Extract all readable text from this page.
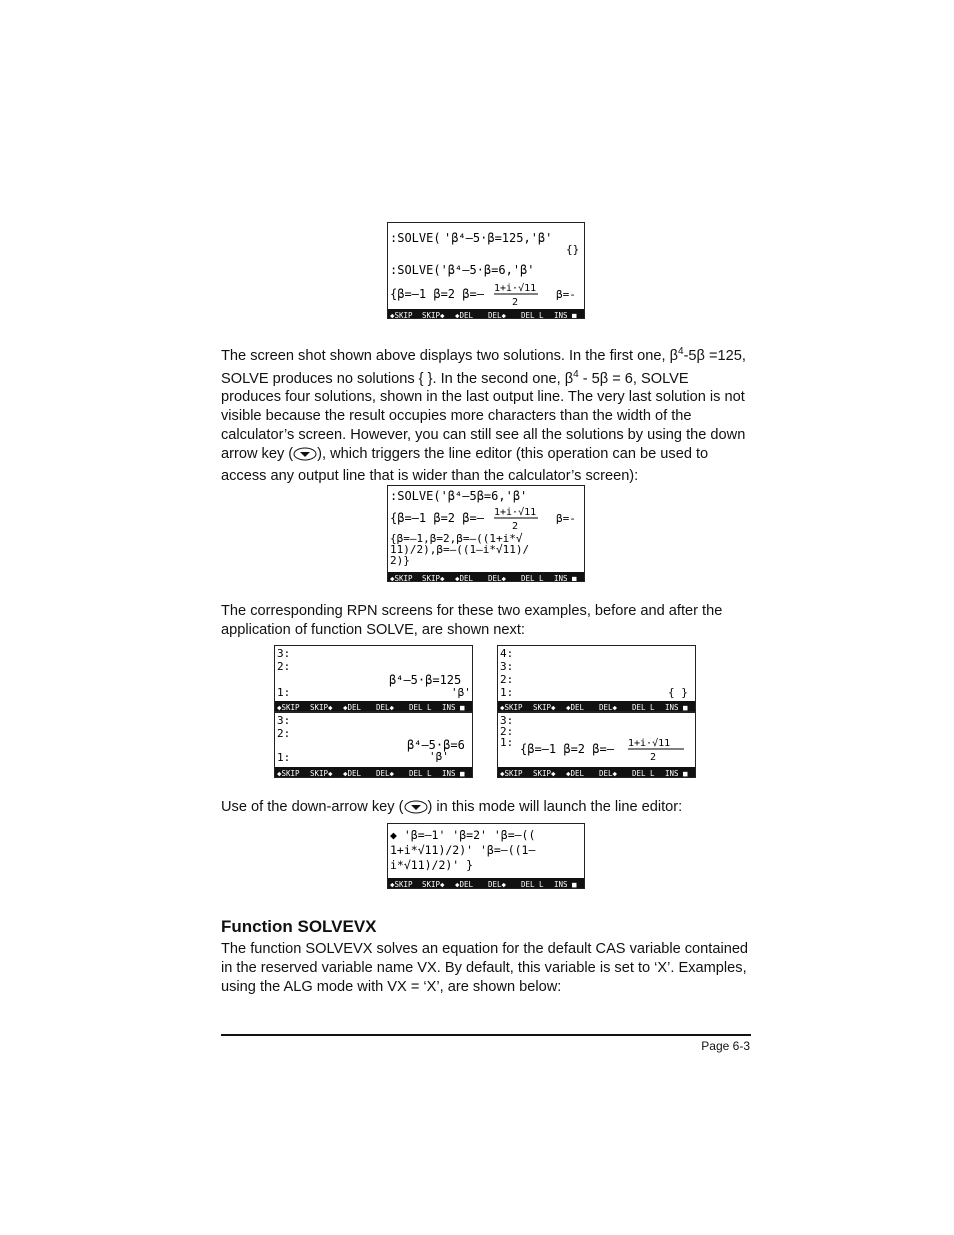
:SOLVE( 'β⁴–5·β=125,'β'
{}
:SOLVE('β⁴–5·β=6,'β'
{β=–1 β=2 β=– 1+i·√11
2
β=-
◆SKIP SKIP◆ ◆DEL DEL◆ DEL L INS ■

The screen shot shown above displays two solutions. In the first one, $\beta^4-5\beta =125$, SOLVE produces no solutions { }. In the second one, $\beta^4 - 5\beta = 6$, SOLVE produces four solutions, shown in the last output line. The very last solution is not visible because the result occupies more characters than the width of the calculator’s screen. However, you can still see all the solutions by using the down arrow key ( ), which triggers the line editor (this operation can be used to access any output line that is wider than the calculator’s screen):

:SOLVE('β⁴–5β=6,'β'
{β=–1 β=2 β=– 1+i·√11
2
β=-
{β=–1,β=2,β=–((1+i*√
11)/2),β=–((1–i*√11)/
2)}
◆SKIP SKIP◆ ◆DEL DEL◆ DEL L INS ■

The corresponding RPN screens for these two examples, before and after the application of function SOLVE, are shown next:

3:
2:
β⁴–5·β=125
1:	'β'
◆SKIP SKIP◆ ◆DEL DEL◆ DEL L INS ■
4:
3:
2:
1:	{ }
◆SKIP SKIP◆ ◆DEL DEL◆ DEL L INS ■
3:
2:
β⁴–5·β=6
'β'
1:
◆SKIP SKIP◆ ◆DEL DEL◆ DEL L INS ■
3:
2:
1: {β=–1 β=2 β=– 1+i·√11
2
◆SKIP SKIP◆ ◆DEL DEL◆ DEL L INS ■

Use of the down-arrow key ( ) in this mode will launch the line editor:

◆ 'β=–1' 'β=2' 'β=–((
1+i*√11)/2)' 'β=–((1–
i*√11)/2)' }
◆SKIP SKIP◆ ◆DEL DEL◆ DEL L INS ■
Function SOLVEVX

The function SOLVEVX solves an equation for the default CAS variable contained in the reserved variable name VX. By default, this variable is set to ‘X’. Examples, using the ALG mode with VX = ‘X’, are shown below:

Page 6-3
